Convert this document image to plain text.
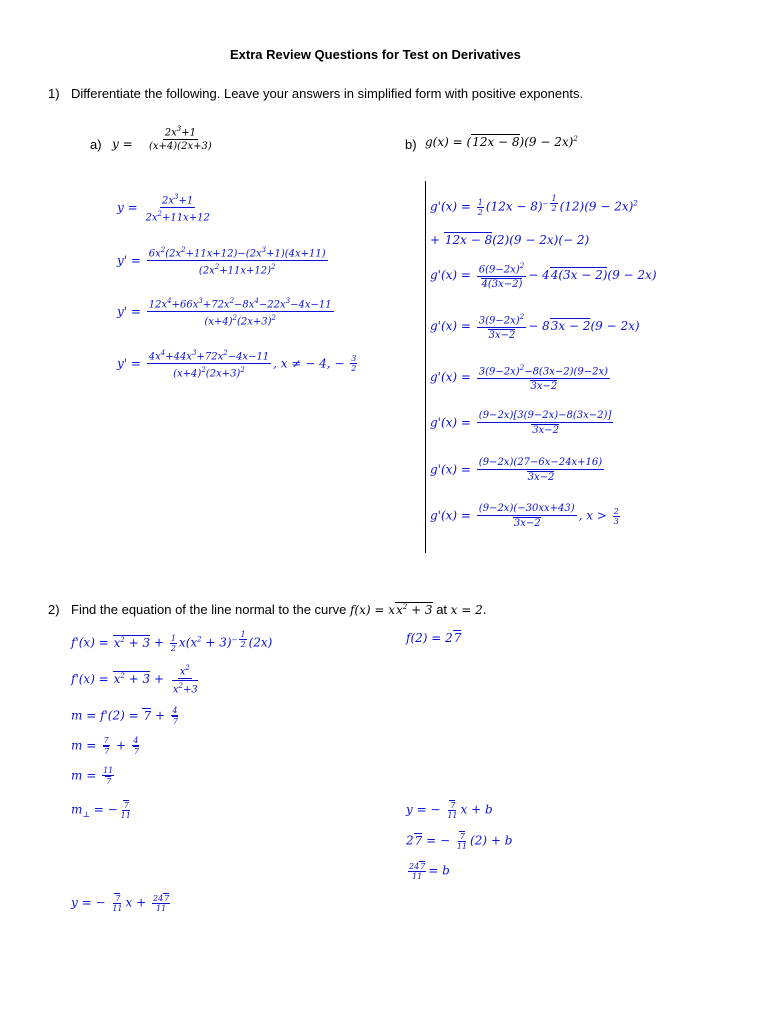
Extra Review Questions for Test on Derivatives
1) Differentiate the following. Leave your answers in simplified form with positive exponents.
a) $y = \frac{2x^3+1}{(x+4)(2x+3)}$	b) $g(x) = (12x - 8)(9 - 2x)^2$
$y = \frac{2x^3+1}{2x^2+11x+12}$
$y' = \frac{6x^2(2x^2+11x+12)-(2x^3+1)(4x+11)}{(2x^2+11x+12)^2}$
$y' = \frac{12x^4+66x^3+72x^2-8x^4-22x^3-4x-11}{(x+4)^2(2x+3)^2}$
$y' = \frac{4x^4+44x^3+72x^2-4x-11}{(x+4)^2(2x+3)^2}$ , x ≠ − 4, − $\frac{3}{2}$
$g'(x) = \frac{1}{2} (12x - 8)^{- \frac{1}{2}}$ $(12)(9 - 2x)^2$
+ 12x − 8(2)(9 − 2x)(− 2)
$g'(x) = \frac{6(9-2x)^2}{4(3x-2)} - 44(3x - 2)(9 - 2x)$
$g'(x) = \frac{3(9-2x)^2}{3x-2} - 83x - 2(9 - 2x)$
$g'(x) = \frac{3(9-2x)^2-8(3x-2)(9-2x)}{3x-2}$
$g'(x) = \frac{(9-2x)[3(9-2x)-8(3x-2)]}{3x-2}$
$g'(x) = \frac{(9-2x)(27-6x-24x+16)}{3x-2}$
$g'(x) = \frac{(9-2x)(-30xx+43)}{3x-2}$ , $x > \frac{2}{3}$
2) Find the equation of the line normal to the curve $f(x) = xx^2 + 3$ at x = 2.
$f'(x) = x^2 + 3 + \frac{1}{2} x(x^2 + 3)^{- \frac{1}{2}}$ (2x)
$f'(x) = x^2 + 3 + \frac{x^2}{x^2+3}$
$m = f'(2) = 7 + \frac{4}{7}$
$m = \frac{7}{7} + \frac{4}{7}$
$m = \frac{11}{7}$
$m_\perp$ = − $\frac{7}{11}$
y = − $\frac{7}{11}$ $x + \frac{247}{11}$
f(2) = 27
y = − $\frac{7}{11}$ x + b
27 = − $\frac{7}{11} (2) + b$
$\frac{247}{11} = b$
